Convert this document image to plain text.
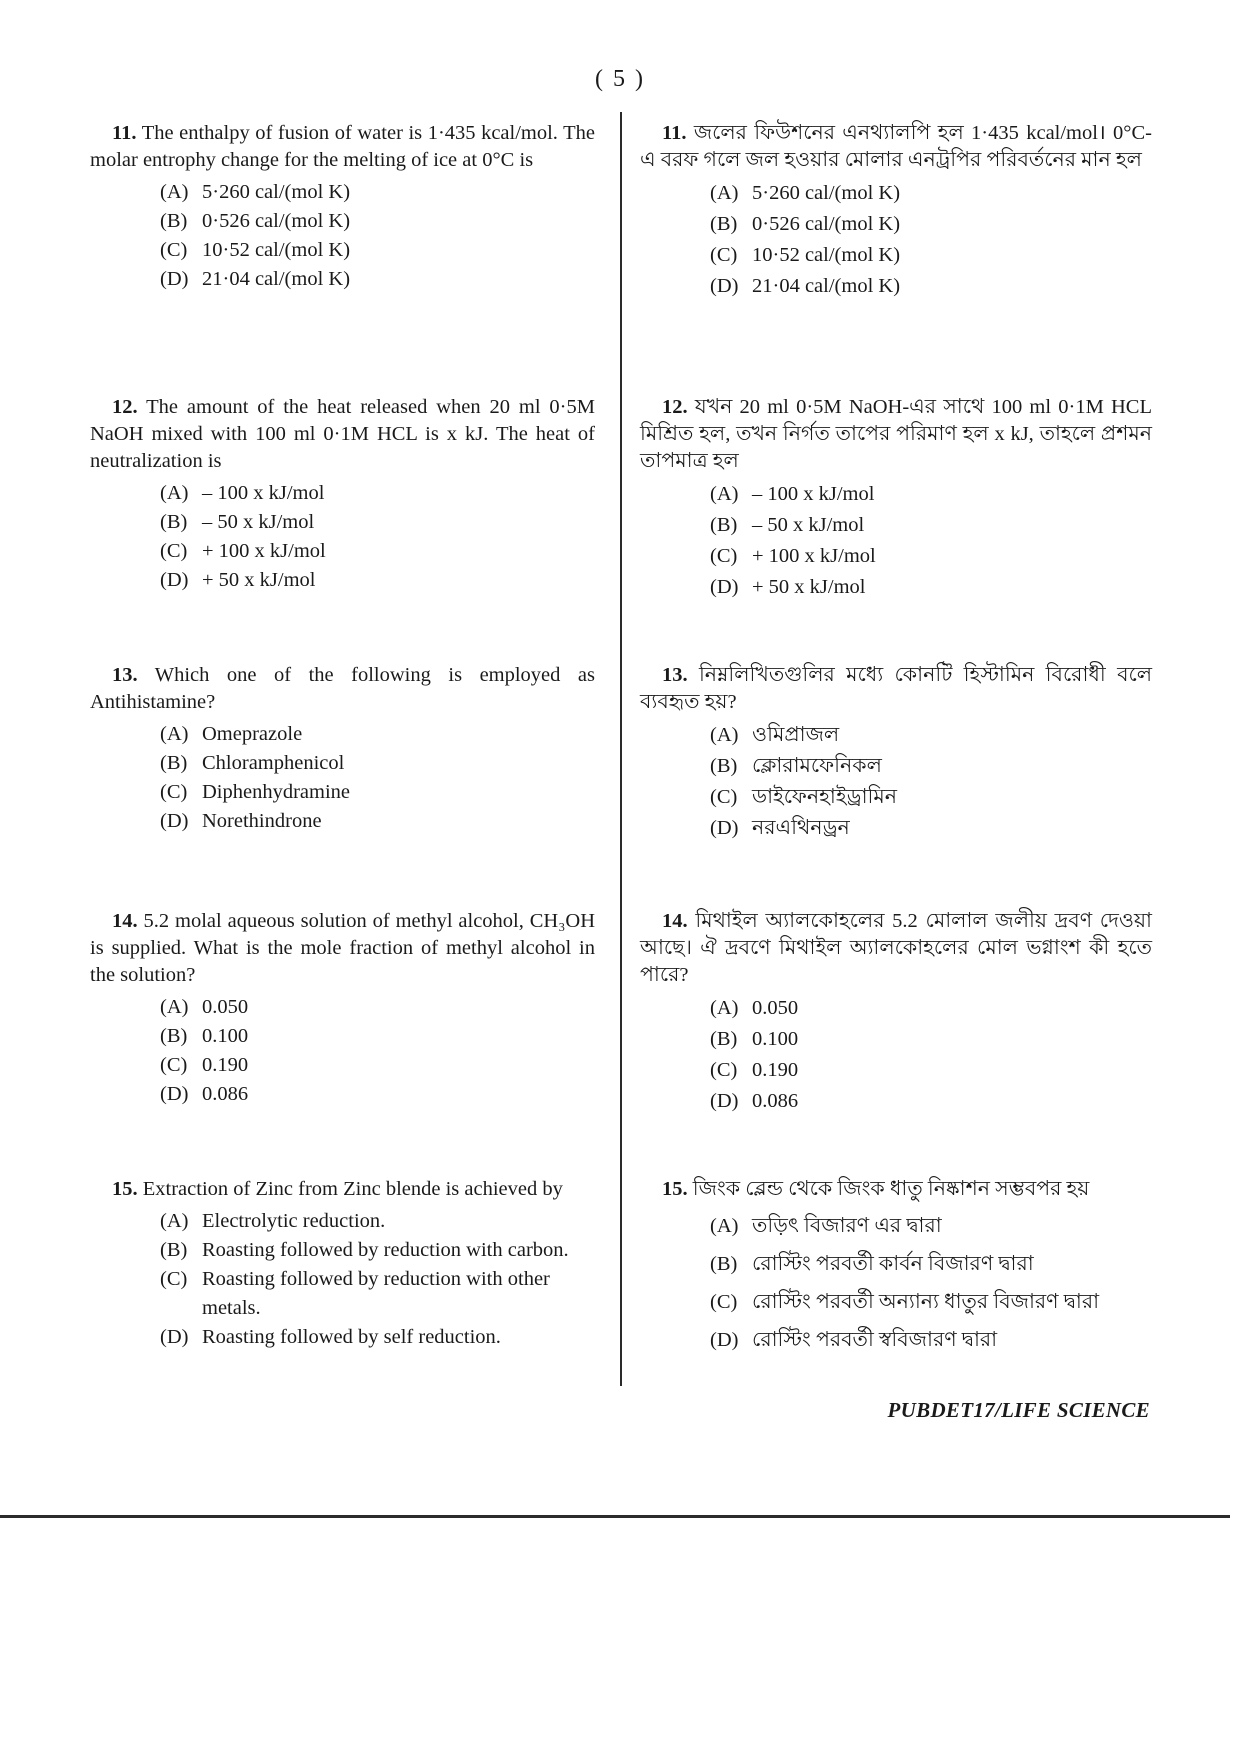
( 5 )

11. The enthalpy of fusion of water is 1·435 kcal/mol. The molar entrophy change for the melting of ice at 0°C is

(A) 5·260 cal/(mol K)
(B) 0·526 cal/(mol K)
(C) 10·52 cal/(mol K)
(D) 21·04 cal/(mol K)

12. The amount of the heat released when 20 ml 0·5M NaOH mixed with 100 ml 0·1M HCL is x kJ. The heat of neutralization is

(A) – 100 x kJ/mol
(B) – 50 x kJ/mol
(C) + 100 x kJ/mol
(D) + 50 x kJ/mol

13. Which one of the following is employed as Antihistamine?

(A) Omeprazole
(B) Chloramphenicol
(C) Diphenhydramine
(D) Norethindrone

14. 5.2 molal aqueous solution of methyl alcohol, CH₃OH is supplied. What is the mole fraction of methyl alcohol in the solution?

(A) 0.050
(B) 0.100
(C) 0.190
(D) 0.086

15. Extraction of Zinc from Zinc blende is achieved by

(A) Electrolytic reduction.
(B) Roasting followed by reduction with carbon.
(C) Roasting followed by reduction with other metals.
(D) Roasting followed by self reduction.

11. জলের ফিউশনের এনথ্যালপি হল 1·435 kcal/mol। 0°C-এ বরফ গলে জল হওয়ার মোলার এনট্রপির পরিবর্তনের মান হল

(A) 5·260 cal/(mol K)
(B) 0·526 cal/(mol K)
(C) 10·52 cal/(mol K)
(D) 21·04 cal/(mol K)

12. যখন 20 ml 0·5M NaOH-এর সাথে 100 ml 0·1M HCL মিশ্রিত হল, তখন নির্গত তাপের পরিমাণ হল x kJ, তাহলে প্রশমন তাপমাত্র হল

(A) – 100 x kJ/mol
(B) – 50 x kJ/mol
(C) + 100 x kJ/mol
(D) + 50 x kJ/mol

13. নিম্নলিখিতগুলির মধ্যে কোনটি হিস্টামিন বিরোধী বলে ব্যবহৃত হয়?

(A) ওমিপ্রাজল
(B) ক্লোরামফেনিকল
(C) ডাইফেনহাইড্রামিন
(D) নরএথিনড্রন

14. মিথাইল অ্যালকোহলের 5.2 মোলাল জলীয় দ্রবণ দেওয়া আছে। ঐ দ্রবণে মিথাইল অ্যালকোহলের মোল ভগ্নাংশ কী হতে পারে?

(A) 0.050
(B) 0.100
(C) 0.190
(D) 0.086

15. জিংক ব্লেন্ড থেকে জিংক ধাতু নিষ্কাশন সম্ভবপর হয়

(A) তড়িৎ বিজারণ এর দ্বারা
(B) রোস্টিং পরবর্তী কার্বন বিজারণ দ্বারা
(C) রোস্টিং পরবর্তী অন্যান্য ধাতুর বিজারণ দ্বারা
(D) রোস্টিং পরবর্তী স্ববিজারণ দ্বারা
PUBDET17/LIFE SCIENCE
